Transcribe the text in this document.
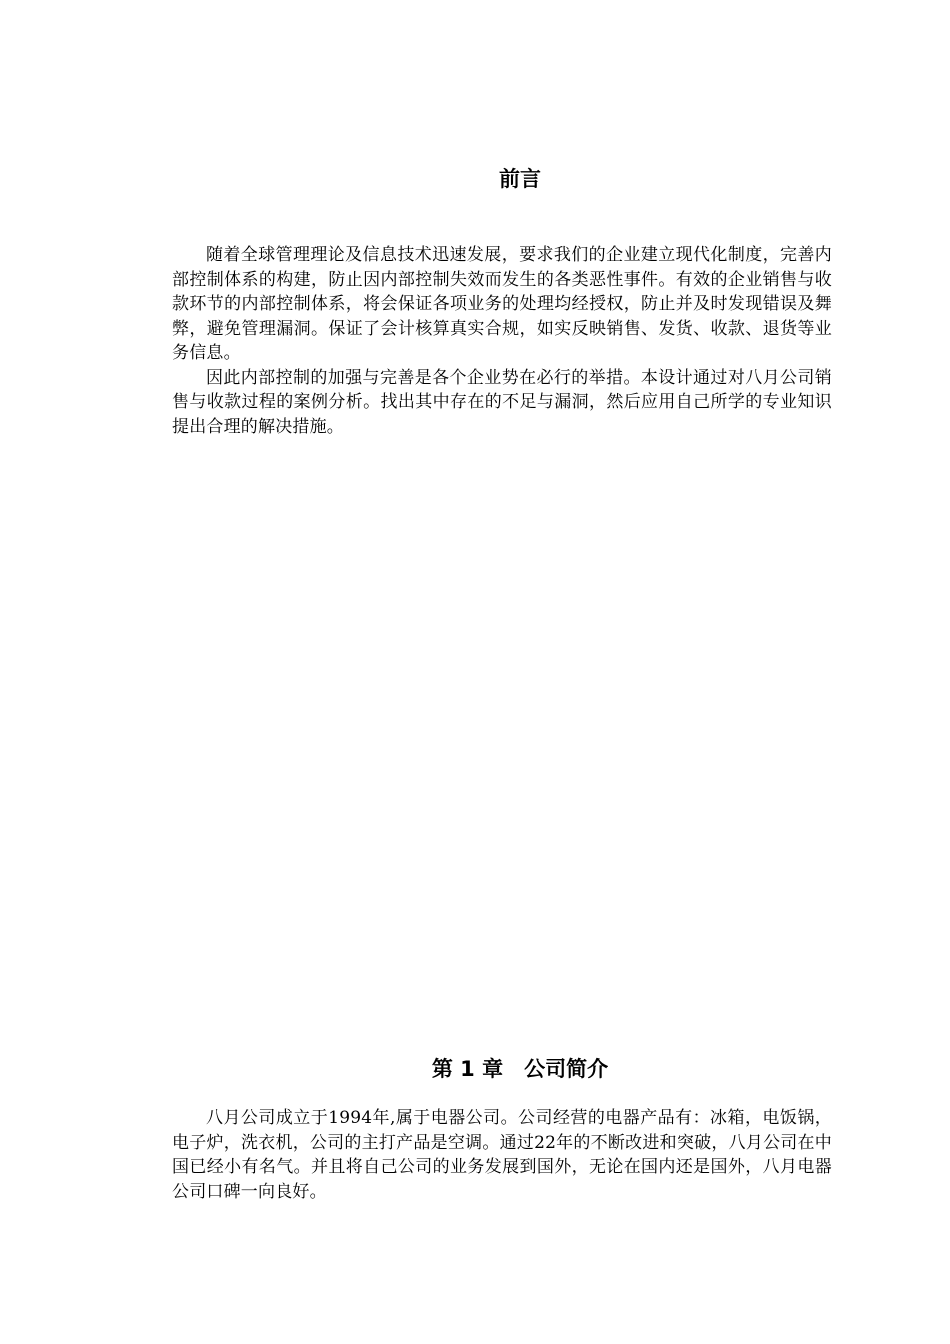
前言

随着全球管理理论及信息技术迅速发展，要求我们的企业建立现代化制度，完善内部控制体系的构建，防止因内部控制失效而发生的各类恶性事件。有效的企业销售与收款环节的内部控制体系，将会保证各项业务的处理均经授权，防止并及时发现错误及舞弊，避免管理漏洞。保证了会计核算真实合规，如实反映销售、发货、收款、退货等业务信息。

因此内部控制的加强与完善是各个企业势在必行的举措。本设计通过对八月公司销售与收款过程的案例分析。找出其中存在的不足与漏洞，然后应用自己所学的专业知识提出合理的解决措施。

第 1 章　公司简介

八月公司成立于1994年,属于电器公司。公司经营的电器产品有：冰箱，电饭锅，电子炉，洗衣机，公司的主打产品是空调。通过22年的不断改进和突破，八月公司在中国已经小有名气。并且将自己公司的业务发展到国外，无论在国内还是国外，八月电器公司口碑一向良好。
